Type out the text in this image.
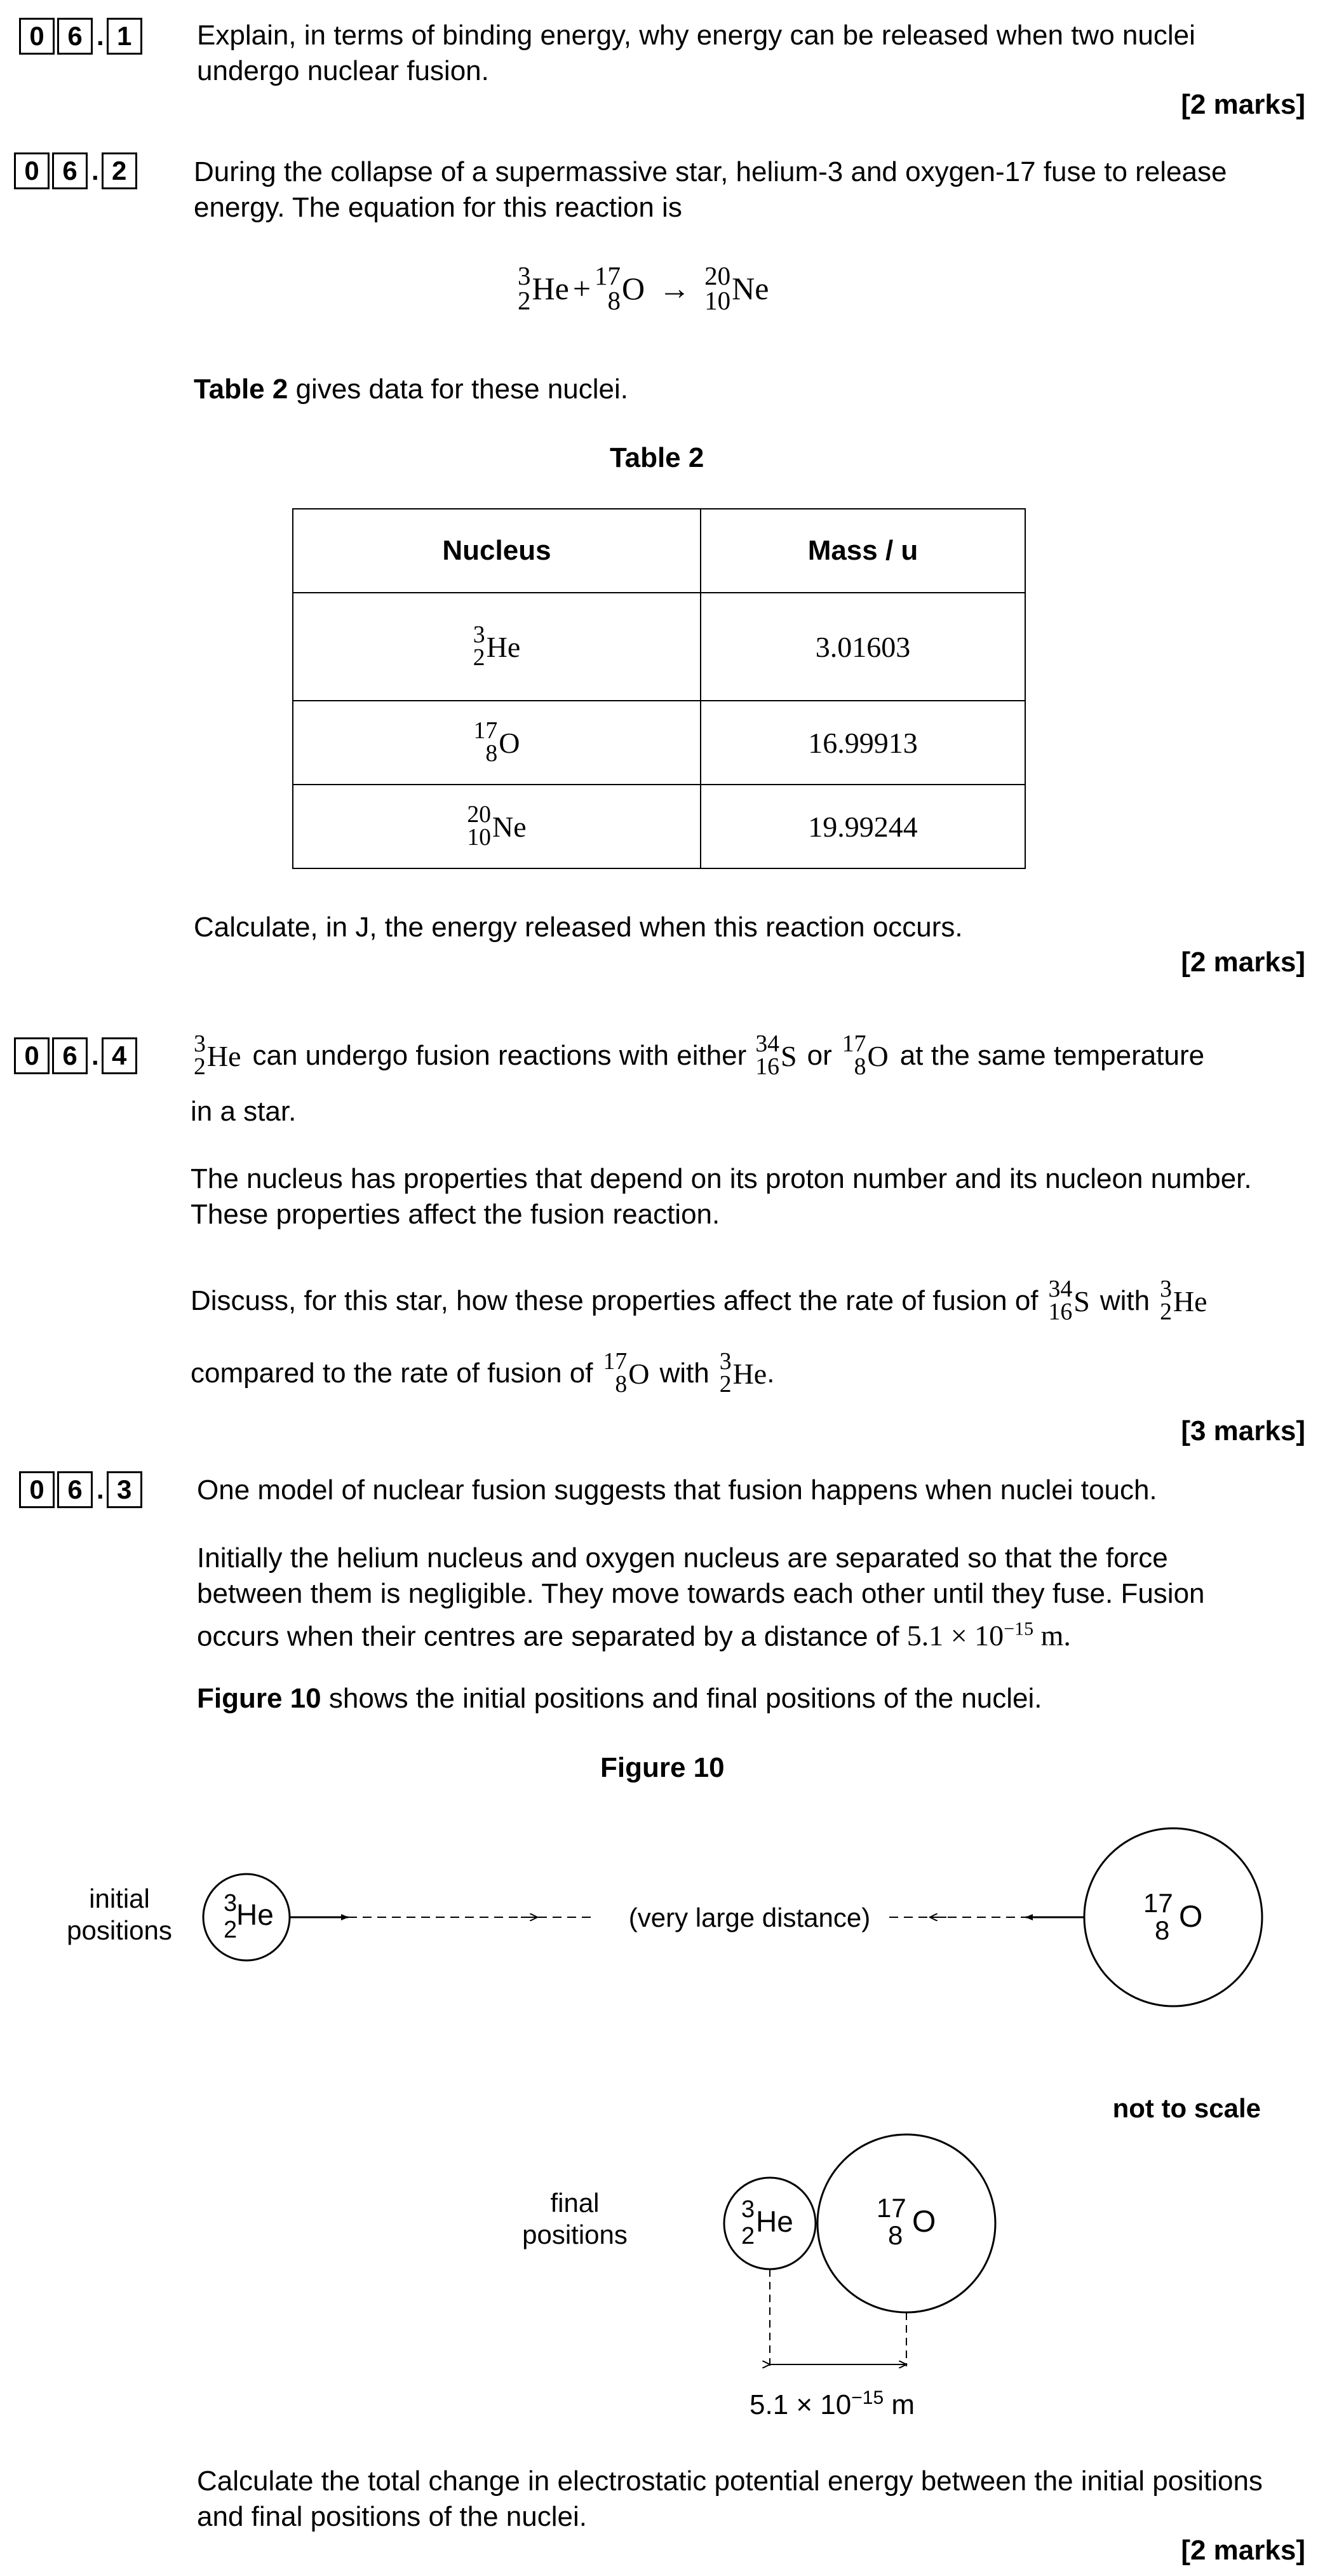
0 6 . 1	Explain, in terms of binding energy, why energy can be released when two nuclei undergo nuclear fusion.
[2 marks]
0 6 . 2	During the collapse of a supermassive star, helium-3 and oxygen-17 fuse to release energy. The equation for this reaction is
3
2 He + 17
8 O → 20
10 Ne
Table 2 gives data for these nuclei.
Table 2
Nucleus	Mass / u

3
2 He	3.01603

17
8 O	16.99913

20
10 Ne	19.99244
Calculate, in J, the energy released when this reaction occurs.
[2 marks]
0 6 . 4	3
2 He can undergo fusion reactions with either 34
16 S or 17
8 O at the same temperature
in a star.
The nucleus has properties that depend on its proton number and its nucleon number. These properties affect the fusion reaction.
Discuss, for this star, how these properties affect the rate of fusion of 34
16 S with 3
2 He
compared to the rate of fusion of 17
8 O with 3
2 He .
[3 marks]
0 6 . 3	One model of nuclear fusion suggests that fusion happens when nuclei touch.
Initially the helium nucleus and oxygen nucleus are separated so that the force
between them is negligible. They move towards each other until they fuse. Fusion
occurs when their centres are separated by a distance of $5.1 \times 10^{-15}$ m.
Figure 10 shows the initial positions and final positions of the nuclei.
Figure 10
initial
positions
3
2
He	(very large distance)	17
8 O
not to scale
final
positions
3
2 He	17
8 O
$5.1 \times 10^{-15}$ m
Calculate the total change in electrostatic potential energy between the initial positions
and final positions of the nuclei.
[2 marks]
